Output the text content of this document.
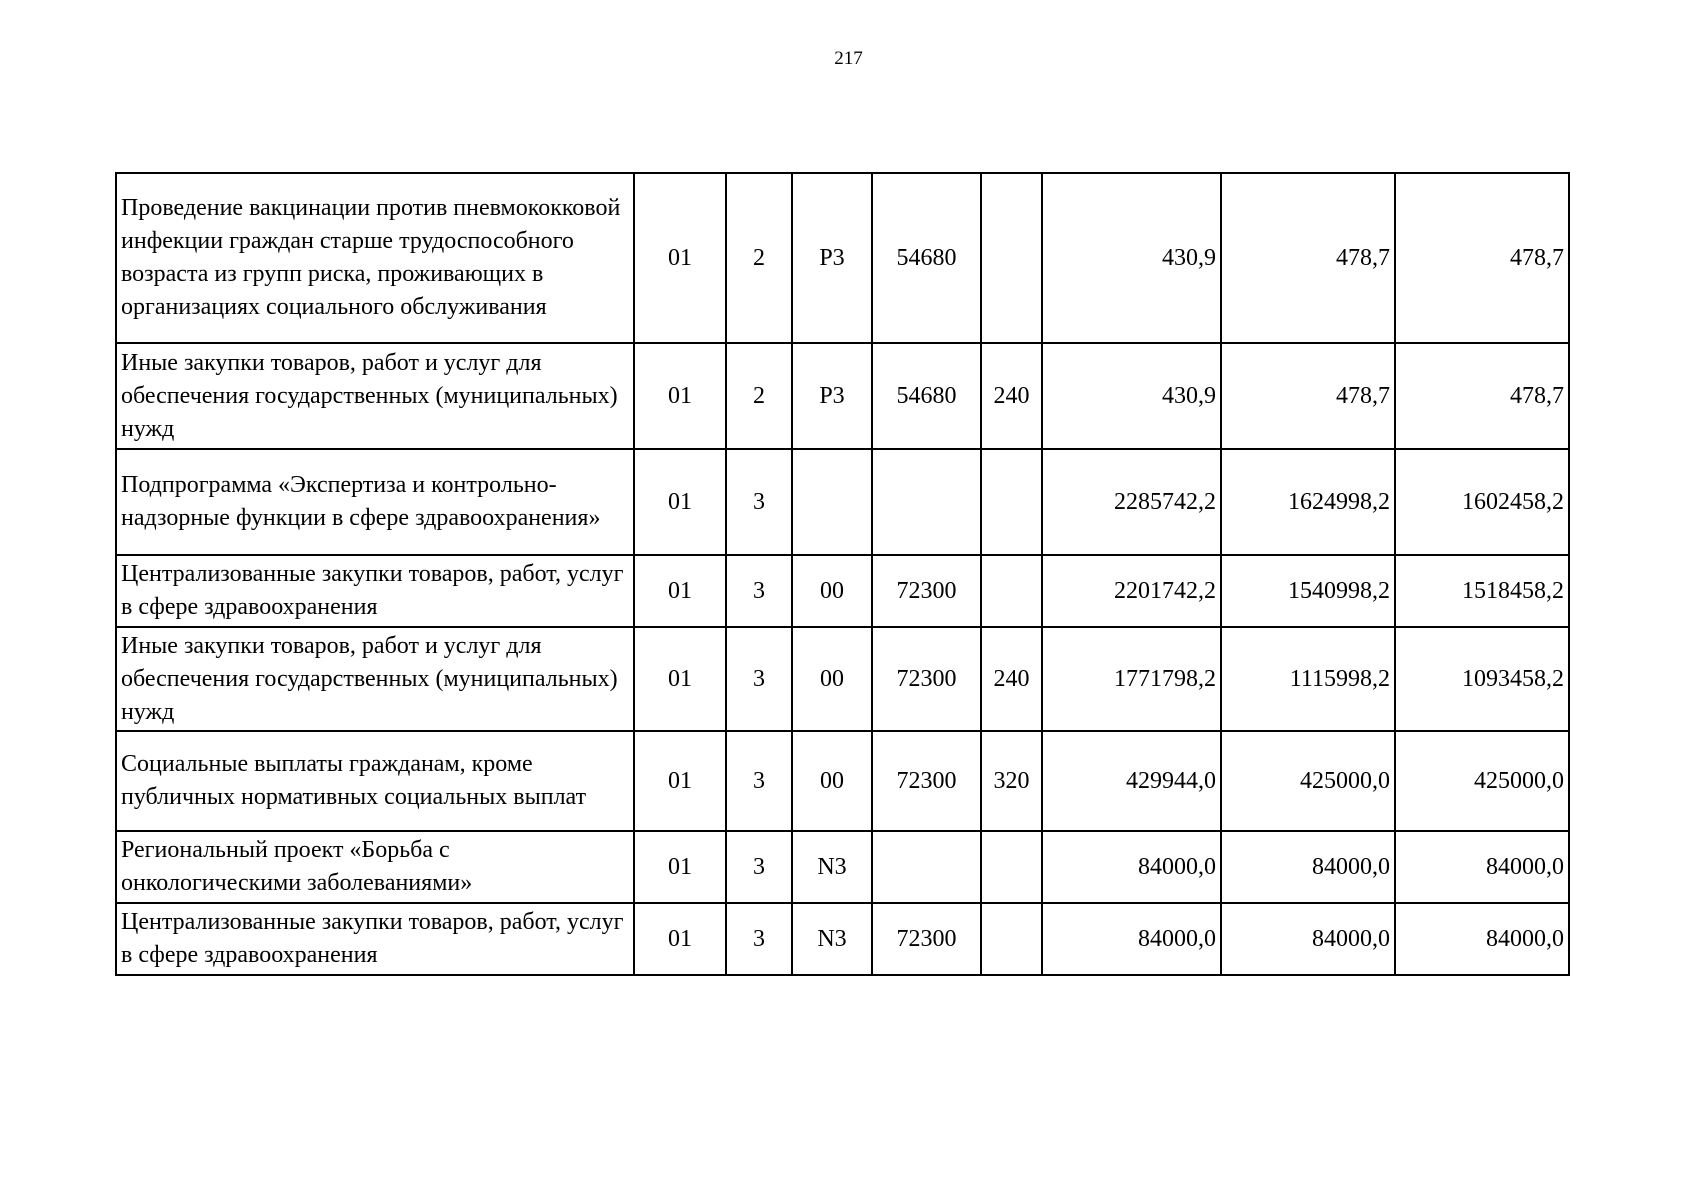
217
Проведение вакцинации против пневмококковой инфекции граждан старше трудоспособного возраста из групп риска, проживающих в организациях социального обслуживания	01	2	P3	54680		430,9	478,7	478,7
Иные закупки товаров, работ и услуг для обеспечения государственных (муниципальных) нужд	01	2	P3	54680	240	430,9	478,7	478,7
Подпрограмма «Экспертиза и контрольно-надзорные функции в сфере здравоохранения»	01	3				2285742,2	1624998,2	1602458,2
Централизованные закупки товаров, работ, услуг в сфере здравоохранения	01	3	00	72300		2201742,2	1540998,2	1518458,2
Иные закупки товаров, работ и услуг для обеспечения государственных (муниципальных) нужд	01	3	00	72300	240	1771798,2	1115998,2	1093458,2
Социальные выплаты гражданам, кроме публичных нормативных социальных выплат	01	3	00	72300	320	429944,0	425000,0	425000,0
Региональный проект «Борьба с онкологическими заболеваниями»	01	3	N3			84000,0	84000,0	84000,0
Централизованные закупки товаров, работ, услуг в сфере здравоохранения	01	3	N3	72300		84000,0	84000,0	84000,0
